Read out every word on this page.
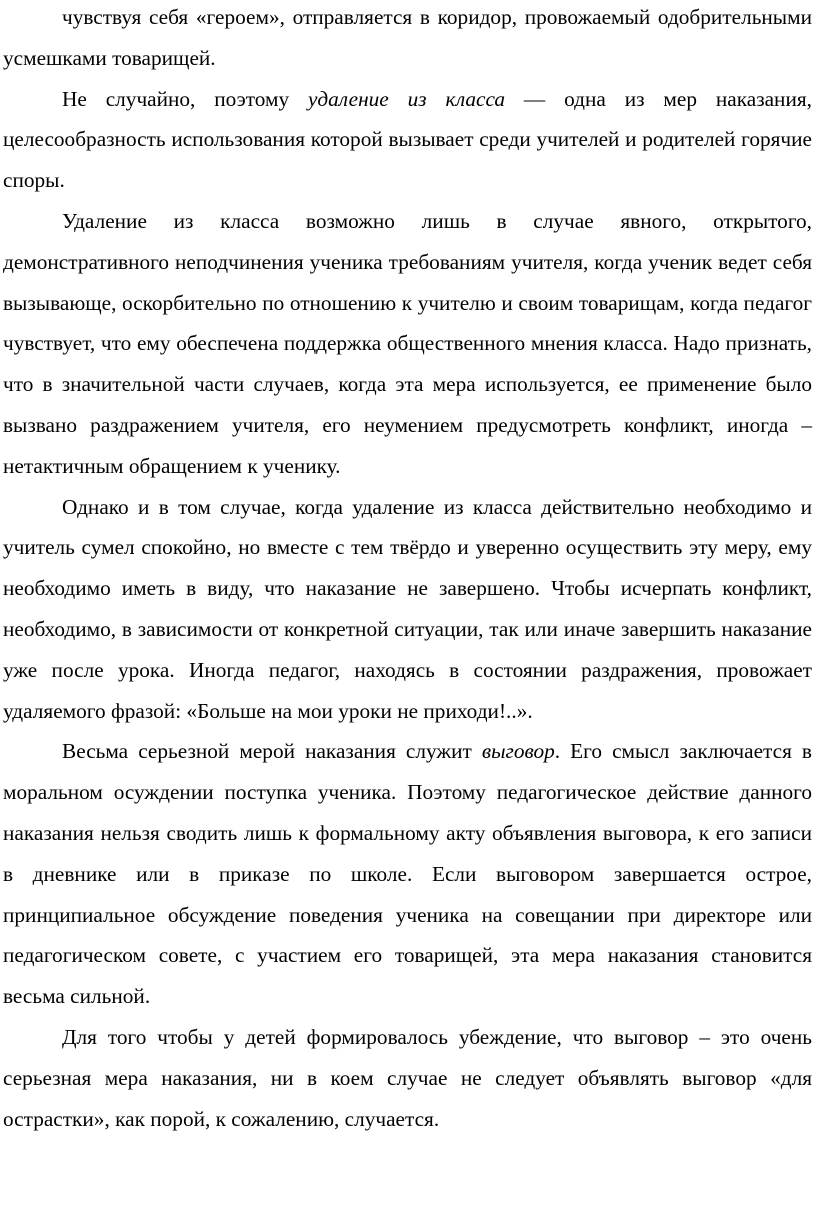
чувствуя себя «героем», отправляется в коридор, провожаемый одобрительными усмешками товарищей.

Не случайно, поэтому удаление из класса — одна из мер наказания, целесообразность использования которой вызывает среди учителей и родителей горячие споры.

Удаление из класса возможно лишь в случае явного, открытого, демонстративного неподчинения ученика требованиям учителя, когда ученик ведет себя вызывающе, оскорбительно по отношению к учителю и своим товарищам, когда педагог чувствует, что ему обеспечена поддержка общественного мнения класса. Надо признать, что в значительной части случаев, когда эта мера используется, ее применение было вызвано раздражением учителя, его неумением предусмотреть конфликт, иногда – нетактичным обращением к ученику.

Однако и в том случае, когда удаление из класса действительно необходимо и учитель сумел спокойно, но вместе с тем твёрдо и уверенно осуществить эту меру, ему необходимо иметь в виду, что наказание не завершено. Чтобы исчерпать конфликт, необходимо, в зависимости от конкретной ситуации, так или иначе завершить наказание уже после урока. Иногда педагог, находясь в состоянии раздражения, провожает удаляемого фразой: «Больше на мои уроки не приходи!..».

Весьма серьезной мерой наказания служит выговор. Его смысл заключается в моральном осуждении поступка ученика. Поэтому педагогическое действие данного наказания нельзя сводить лишь к формальному акту объявления выговора, к его записи в дневнике или в приказе по школе. Если выговором завершается острое, принципиальное обсуждение поведения ученика на совещании при директоре или педагогическом совете, с участием его товарищей, эта мера наказания становится весьма сильной.

Для того чтобы у детей формировалось убеждение, что выговор – это очень серьезная мера наказания, ни в коем случае не следует объявлять выговор «для острастки», как порой, к сожалению, случается.
